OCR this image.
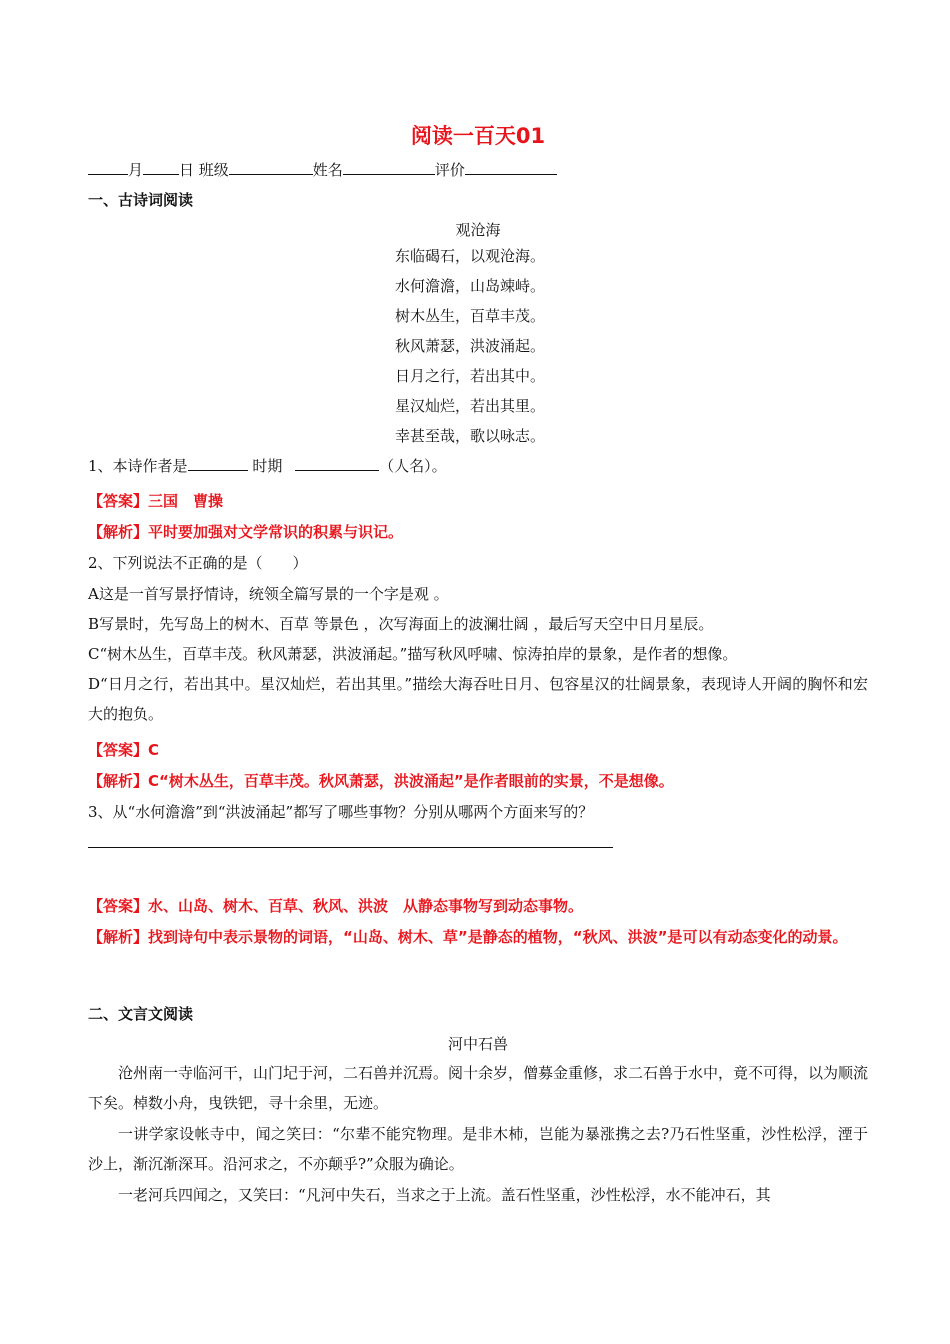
阅读一百天01
月 日 班级	姓名	评价
一、古诗词阅读
观沧海
东临碣石，以观沧海。
水何澹澹，山岛竦峙。
树木丛生，百草丰茂。
秋风萧瑟，洪波涌起。
日月之行，若出其中。
星汉灿烂，若出其里。
幸甚至哉，歌以咏志。
1、本诗作者是	时期	（人名）。
【答案】三国　曹操
【解析】平时要加强对文学常识的积累与识记。
2、下列说法不正确的是（　　）
A这是一首写景抒情诗，统领全篇写景的一个字是观 。
B写景时，先写岛上的树木、百草 等景色 ，次写海面上的波澜壮阔 ，最后写天空中日月星辰。
C“树木丛生，百草丰茂。秋风萧瑟，洪波涌起。”描写秋风呼啸、惊涛拍岸的景象，是作者的想像。
D“日月之行，若出其中。星汉灿烂，若出其里。”描绘大海吞吐日月、包容星汉的壮阔景象，表现诗人开阔的胸怀和宏大的抱负。
【答案】C
【解析】C“树木丛生，百草丰茂。秋风萧瑟，洪波涌起”是作者眼前的实景，不是想像。
3、从“水何澹澹”到“洪波涌起”都写了哪些事物？分别从哪两个方面来写的？
【答案】水、山岛、树木、百草、秋风、洪波　从静态事物写到动态事物。
【解析】找到诗句中表示景物的词语，“山岛、树木、草”是静态的植物，“秋风、洪波”是可以有动态变化的动景。
二、文言文阅读
河中石兽
沧州南一寺临河干，山门圮于河，二石兽并沉焉。阅十余岁，僧募金重修，求二石兽于水中，竟不可得，以为顺流下矣。棹数小舟，曳铁钯，寻十余里，无迹。
一讲学家设帐寺中，闻之笑曰：“尔辈不能究物理。是非木杮，岂能为暴涨携之去?乃石性坚重，沙性松浮，湮于沙上，渐沉渐深耳。沿河求之，不亦颠乎?”众服为确论。
一老河兵四闻之，又笑曰：“凡河中失石，当求之于上流。盖石性坚重，沙性松浮，水不能冲石，其
